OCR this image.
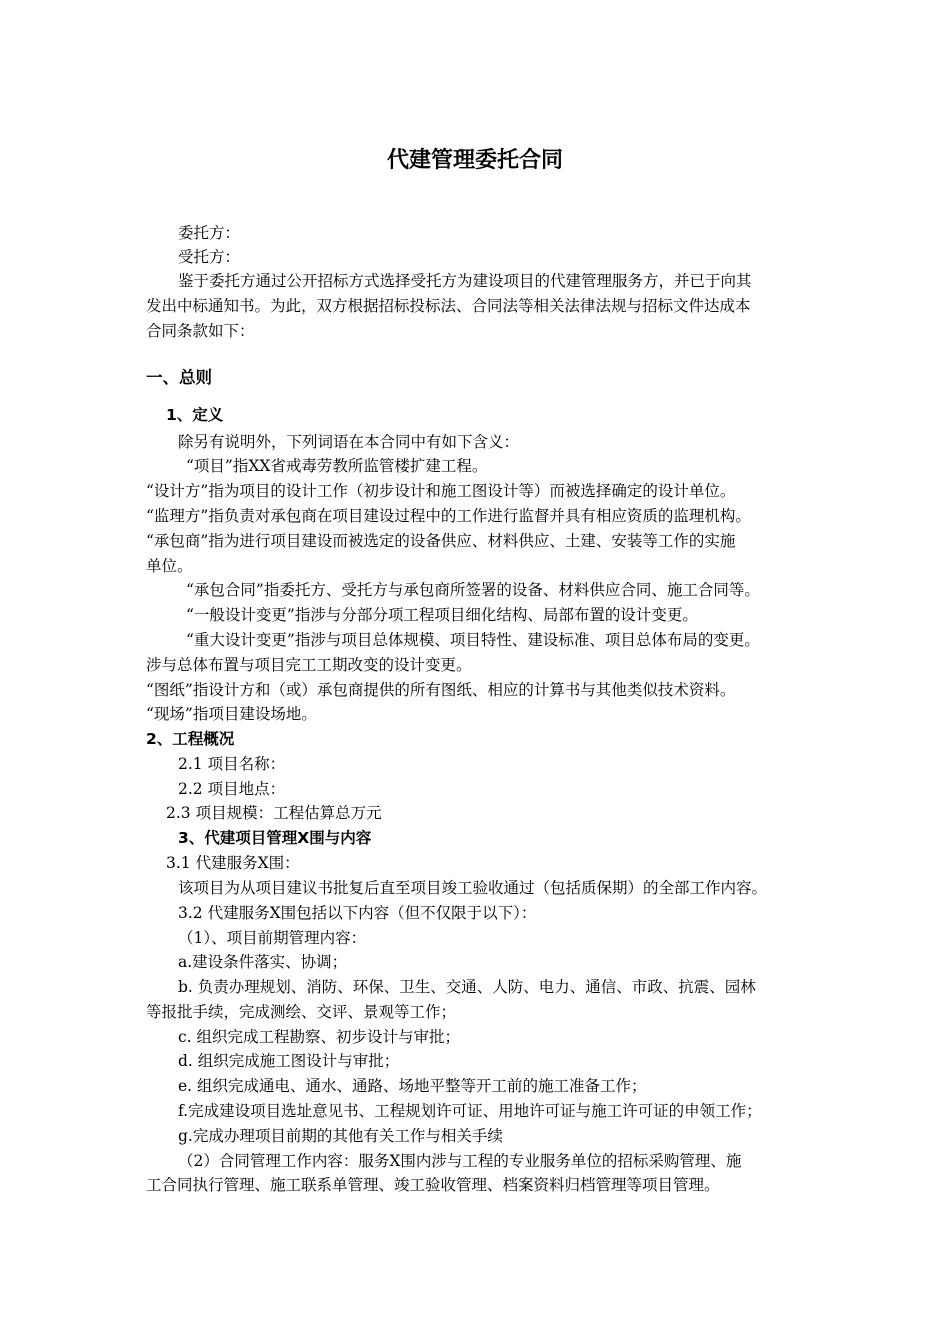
代建管理委托合同
委托方：
受托方：
鉴于委托方通过公开招标方式选择受托方为建设项目的代建管理服务方，并已于向其
发出中标通知书。为此，双方根据招标投标法、合同法等相关法律法规与招标文件达成本
合同条款如下：
一、总则
1、定义
除另有说明外，下列词语在本合同中有如下含义：
“项目”指XX省戒毒劳教所监管楼扩建工程。
“设计方”指为项目的设计工作（初步设计和施工图设计等）而被选择确定的设计单位。
“监理方”指负责对承包商在项目建设过程中的工作进行监督并具有相应资质的监理机构。
“承包商”指为进行项目建设而被选定的设备供应、材料供应、土建、安装等工作的实施
单位。
“承包合同”指委托方、受托方与承包商所签署的设备、材料供应合同、施工合同等。
“一般设计变更”指涉与分部分项工程项目细化结构、局部布置的设计变更。
“重大设计变更”指涉与项目总体规模、项目特性、建设标准、项目总体布局的变更。
涉与总体布置与项目完工工期改变的设计变更。
“图纸”指设计方和（或）承包商提供的所有图纸、相应的计算书与其他类似技术资料。
“现场”指项目建设场地。
2、工程概况
2.1 项目名称：
2.2 项目地点：
2.3 项目规模：工程估算总万元
3、代建项目管理X围与内容
3.1 代建服务X围：
该项目为从项目建议书批复后直至项目竣工验收通过（包括质保期）的全部工作内容。
3.2 代建服务X围包括以下内容（但不仅限于以下）：
（1）、项目前期管理内容：
a.建设条件落实、协调；
b. 负责办理规划、消防、环保、卫生、交通、人防、电力、通信、市政、抗震、园林
等报批手续，完成测绘、交评、景观等工作；
c. 组织完成工程勘察、初步设计与审批；
d. 组织完成施工图设计与审批；
e. 组织完成通电、通水、通路、场地平整等开工前的施工准备工作；
f.完成建设项目选址意见书、工程规划许可证、用地许可证与施工许可证的申领工作；
g.完成办理项目前期的其他有关工作与相关手续
（2）合同管理工作内容：服务X围内涉与工程的专业服务单位的招标采购管理、施
工合同执行管理、施工联系单管理、竣工验收管理、档案资料归档管理等项目管理。
